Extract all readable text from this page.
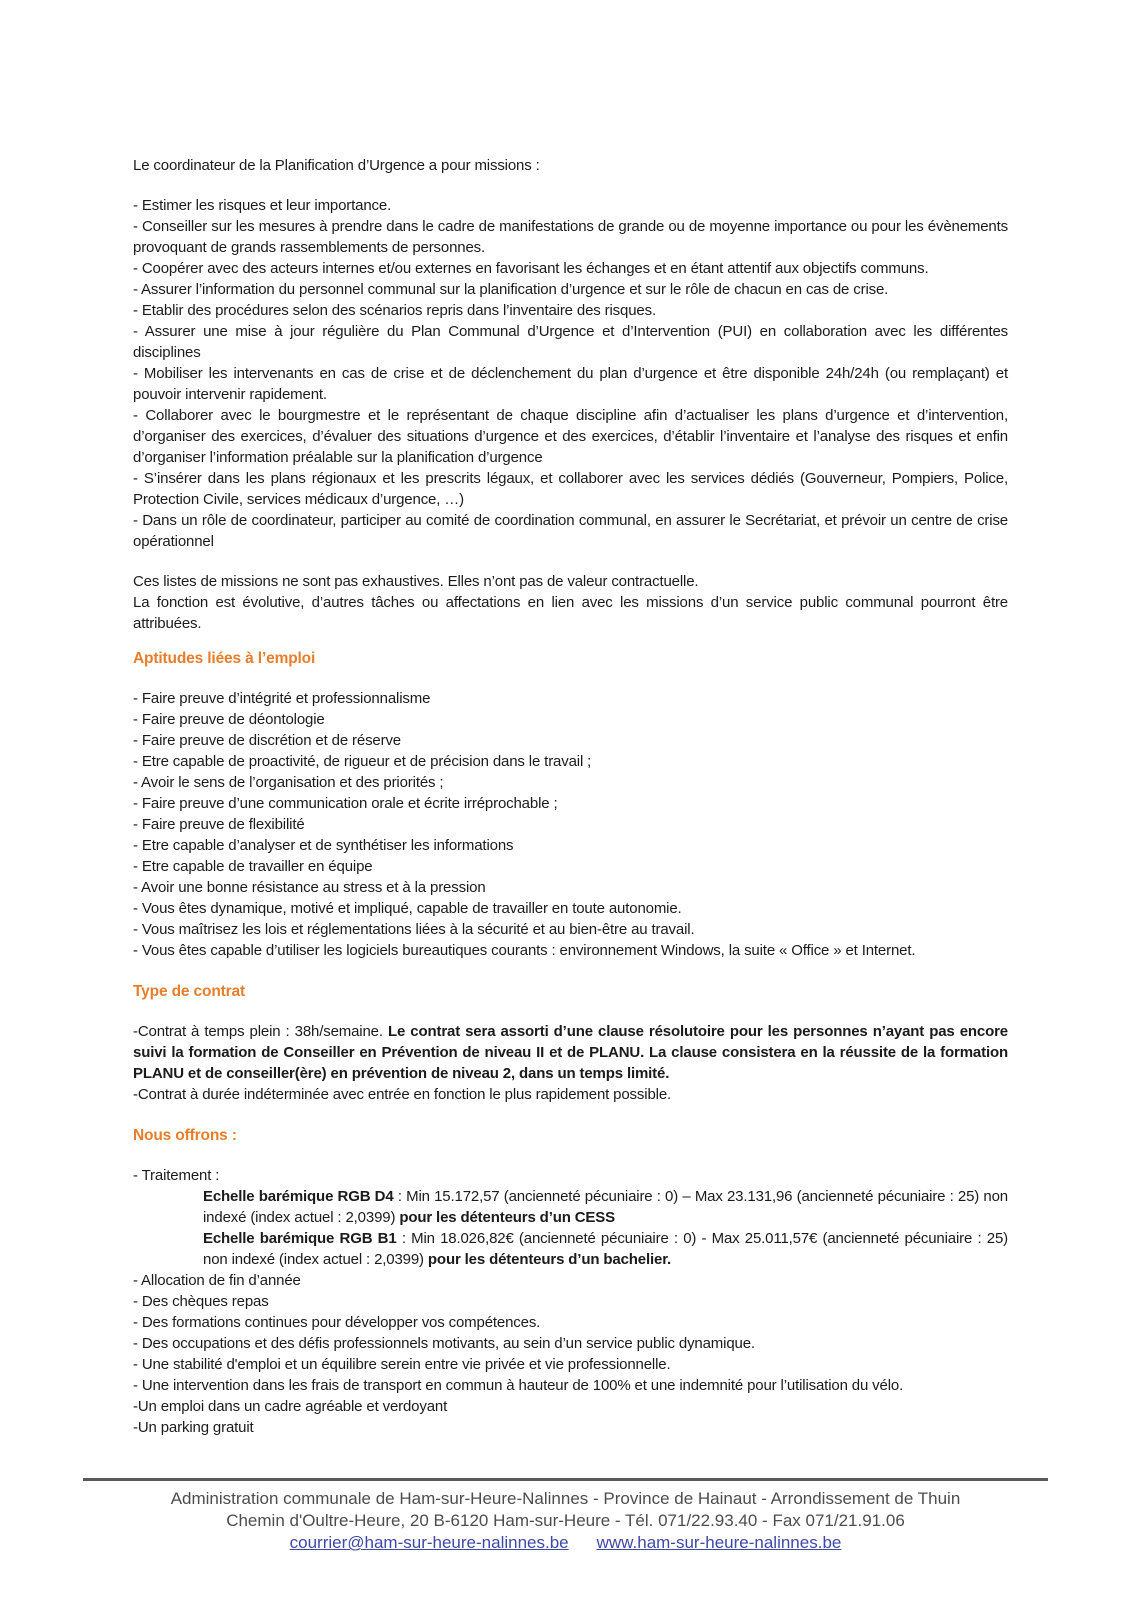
Le coordinateur de la Planification d’Urgence a pour missions :

- Estimer les risques et leur importance.

- Conseiller sur les mesures à prendre dans le cadre de manifestations de grande ou de moyenne importance ou pour les évènements provoquant de grands rassemblements de personnes.

- Coopérer avec des acteurs internes et/ou externes en favorisant les échanges et en étant attentif aux objectifs communs.

- Assurer l’information du personnel communal sur la planification d’urgence et sur le rôle de chacun en cas de crise.

- Etablir des procédures selon des scénarios repris dans l’inventaire des risques.

- Assurer une mise à jour régulière du Plan Communal d’Urgence et d’Intervention (PUI) en collaboration avec les différentes disciplines

- Mobiliser les intervenants en cas de crise et de déclenchement du plan d’urgence et être disponible 24h/24h (ou remplaçant) et pouvoir intervenir rapidement.

- Collaborer avec le bourgmestre et le représentant de chaque discipline afin d’actualiser les plans d’urgence et d’intervention, d’organiser des exercices, d’évaluer des situations d’urgence et des exercices, d’établir l’inventaire et l’analyse des risques et enfin d’organiser l’information préalable sur la planification d’urgence

- S’insérer dans les plans régionaux et les prescrits légaux, et collaborer avec les services dédiés (Gouverneur, Pompiers, Police, Protection Civile, services médicaux d’urgence, …)

- Dans un rôle de coordinateur, participer au comité de coordination communal, en assurer le Secrétariat, et prévoir un centre de crise opérationnel

Ces listes de missions ne sont pas exhaustives. Elles n’ont pas de valeur contractuelle.

La fonction est évolutive, d’autres tâches ou affectations en lien avec les missions d’un service public communal pourront être attribuées.

Aptitudes liées à l’emploi

- Faire preuve d’intégrité et professionnalisme

- Faire preuve de déontologie

- Faire preuve de discrétion et de réserve

- Etre capable de proactivité, de rigueur et de précision dans le travail ;

- Avoir le sens de l’organisation et des priorités ;

- Faire preuve d’une communication orale et écrite irréprochable ;

- Faire preuve de flexibilité

- Etre capable d’analyser et de synthétiser les informations

- Etre capable de travailler en équipe

- Avoir une bonne résistance au stress et à la pression

- Vous êtes dynamique, motivé et impliqué, capable de travailler en toute autonomie.

- Vous maîtrisez les lois et réglementations liées à la sécurité et au bien-être au travail.

- Vous êtes capable d’utiliser les logiciels bureautiques courants : environnement Windows, la suite « Office » et Internet.

Type de contrat

-Contrat à temps plein : 38h/semaine. Le contrat sera assorti d’une clause résolutoire pour les personnes n’ayant pas encore suivi la formation de Conseiller en Prévention de niveau II et de PLANU. La clause consistera en la réussite de la formation PLANU et de conseiller(ère) en prévention de niveau 2, dans un temps limité.

-Contrat à durée indéterminée avec entrée en fonction le plus rapidement possible.

Nous offrons :

- Traitement :

Echelle barémique RGB D4 : Min 15.172,57 (ancienneté pécuniaire : 0) – Max 23.131,96 (ancienneté pécuniaire : 25) non indexé (index actuel : 2,0399) pour les détenteurs d’un CESS

Echelle barémique RGB B1 : Min 18.026,82€ (ancienneté pécuniaire : 0) - Max 25.011,57€ (ancienneté pécuniaire : 25) non indexé (index actuel : 2,0399) pour les détenteurs d’un bachelier.

- Allocation de fin d’année

- Des chèques repas

- Des formations continues pour développer vos compétences.

- Des occupations et des défis professionnels motivants, au sein d’un service public dynamique.

- Une stabilité d'emploi et un équilibre serein entre vie privée et vie professionnelle.

- Une intervention dans les frais de transport en commun à hauteur de 100% et une indemnité pour l’utilisation du vélo.

-Un emploi dans un cadre agréable et verdoyant

-Un parking gratuit

Administration communale de Ham-sur-Heure-Nalinnes - Province de Hainaut - Arrondissement de Thuin
Chemin d'Oultre-Heure, 20 B-6120 Ham-sur-Heure - Tél. 071/22.93.40 - Fax 071/21.91.06
courrier@ham-sur-heure-nalinnes.be www.ham-sur-heure-nalinnes.be
